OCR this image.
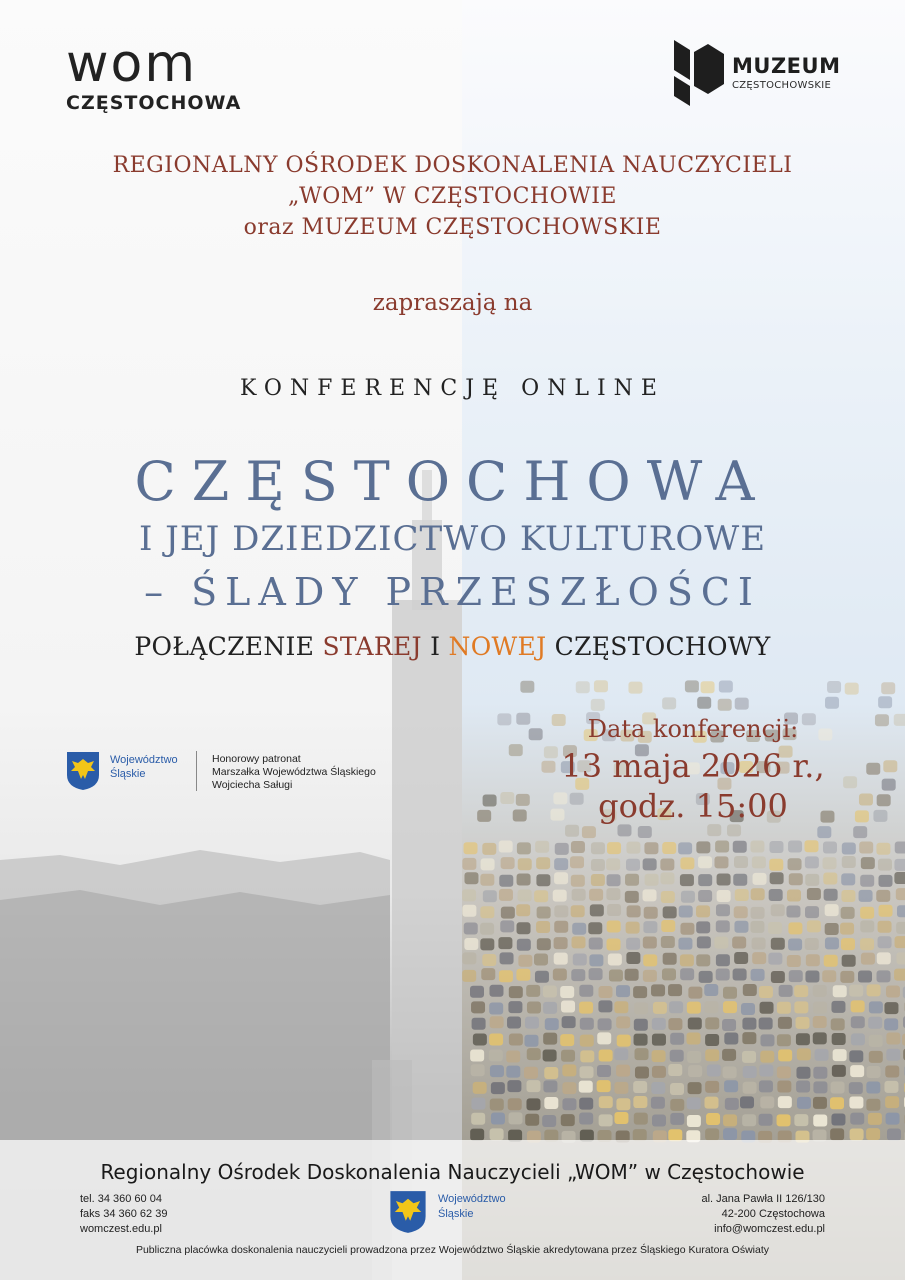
wom
CZĘSTOCHOWA
MUZEUM
CZĘSTOCHOWSKIE
REGIONALNY OŚRODEK DOSKONALENIA NAUCZYCIELI
„WOM” W CZĘSTOCHOWIE
oraz MUZEUM CZĘSTOCHOWSKIE
zapraszają na
KONFERENCJĘ ONLINE
CZĘSTOCHOWA
I JEJ DZIEDZICTWO KULTUROWE
– ŚLADY PRZESZŁOŚCI
POŁĄCZENIE STAREJ I NOWEJ CZĘSTOCHOWY
Data konferencji:
13 maja 2026 r.,
godz. 15:00
Województwo
Śląskie
Honorowy patronat
Marszałka Województwa Śląskiego
Wojciecha Saługi
Regionalny Ośrodek Doskonalenia Nauczycieli „WOM” w Częstochowie
tel. 34 360 60 04
faks 34 360 62 39
womczest.edu.pl
Województwo
Śląskie
al. Jana Pawła II 126/130
42-200 Częstochowa
info@womczest.edu.pl
Publiczna placówka doskonalenia nauczycieli prowadzona przez Województwo Śląskie akredytowana przez Śląskiego Kuratora Oświaty
